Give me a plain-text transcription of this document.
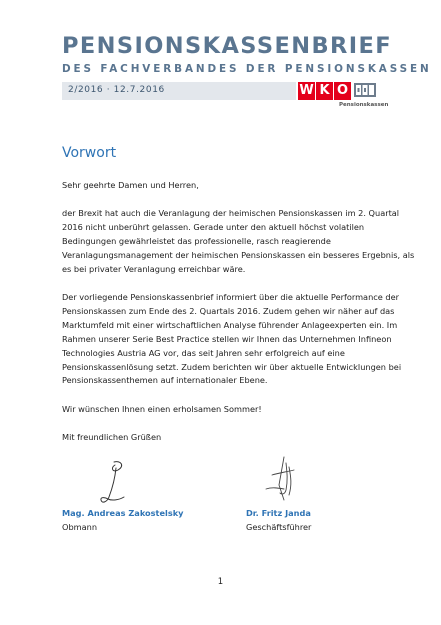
PENSIONSKASSENBRIEF
DES FACHVERBANDES DER PENSIONSKASSEN
2/2016 · 12.7.2016	W K O
Pensionskassen
Vorwort

Sehr geehrte Damen und Herren,

der Brexit hat auch die Veranlagung der heimischen Pensionskassen im 2. Quartal
2016 nicht unberührt gelassen. Gerade unter den aktuell höchst volatilen
Bedingungen gewährleistet das professionelle, rasch reagierende
Veranlagungsmanagement der heimischen Pensionskassen ein besseres Ergebnis, als
es bei privater Veranlagung erreichbar wäre.

Der vorliegende Pensionskassenbrief informiert über die aktuelle Performance der
Pensionskassen zum Ende des 2. Quartals 2016. Zudem gehen wir näher auf das
Marktumfeld mit einer wirtschaftlichen Analyse führender Anlageexperten ein. Im
Rahmen unserer Serie Best Practice stellen wir Ihnen das Unternehmen Infineon
Technologies Austria AG vor, das seit Jahren sehr erfolgreich auf eine
Pensionskassenlösung setzt. Zudem berichten wir über aktuelle Entwicklungen bei
Pensionskassenthemen auf internationaler Ebene.

Wir wünschen Ihnen einen erholsamen Sommer!

Mit freundlichen Grüßen

Mag. Andreas Zakostelsky
Obmann
Dr. Fritz Janda
Geschäftsführer
1
